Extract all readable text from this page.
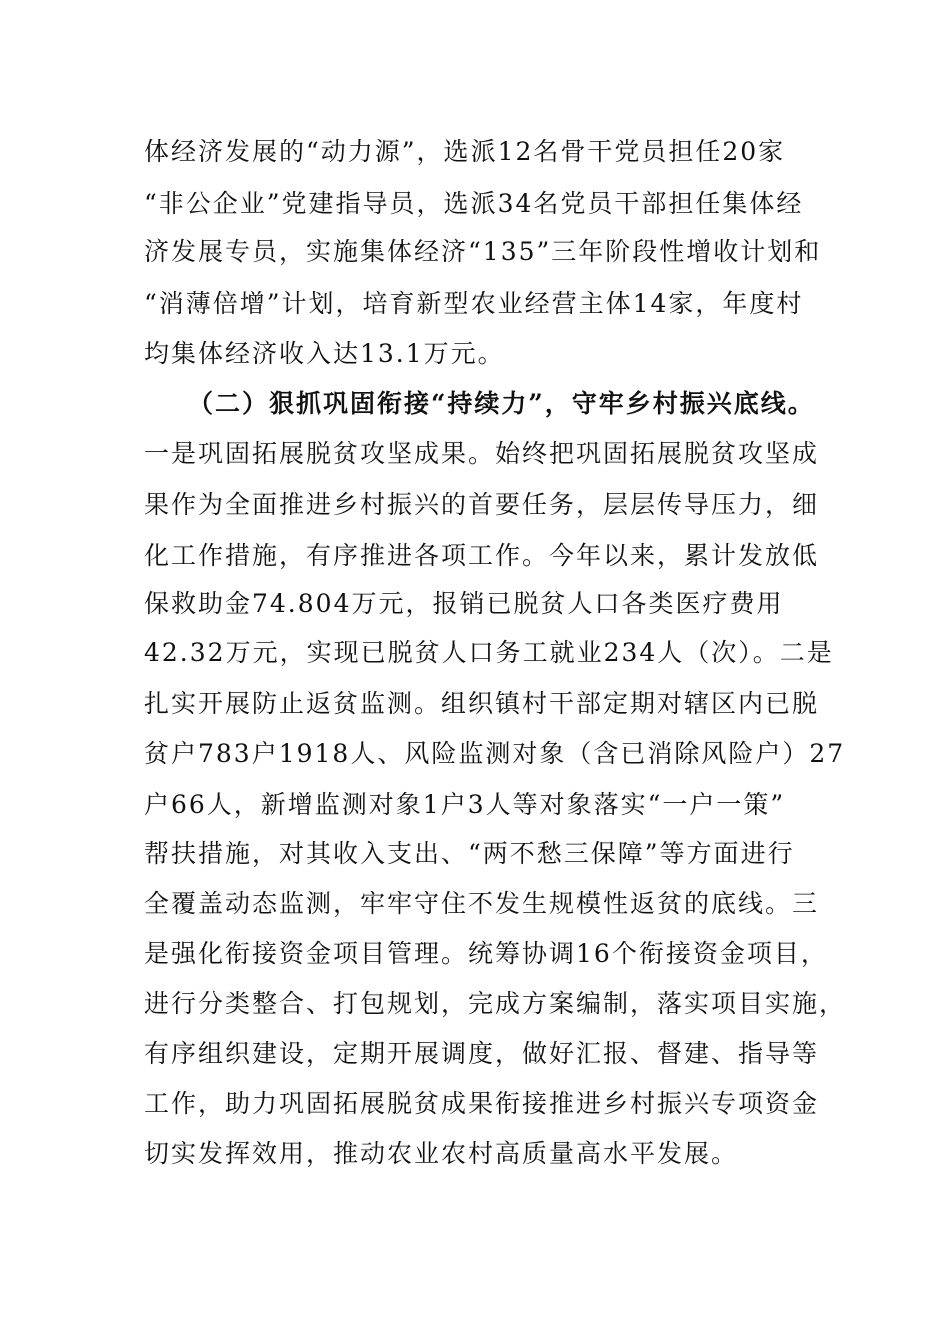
体经济发展的“动力源”，选派12名骨干党员担任20家
“非公企业”党建指导员，选派34名党员干部担任集体经
济发展专员，实施集体经济“135”三年阶段性增收计划和
“消薄倍增”计划，培育新型农业经营主体14家，年度村
均集体经济收入达13.1万元。
（二）狠抓巩固衔接“持续力”，守牢乡村振兴底线。
一是巩固拓展脱贫攻坚成果。始终把巩固拓展脱贫攻坚成
果作为全面推进乡村振兴的首要任务，层层传导压力，细
化工作措施，有序推进各项工作。今年以来，累计发放低
保救助金74.804万元，报销已脱贫人口各类医疗费用
42.32万元，实现已脱贫人口务工就业234人（次）。二是
扎实开展防止返贫监测。组织镇村干部定期对辖区内已脱
贫户783户1918人、风险监测对象（含已消除风险户）27
户66人，新增监测对象1户3人等对象落实“一户一策”
帮扶措施，对其收入支出、“两不愁三保障”等方面进行
全覆盖动态监测，牢牢守住不发生规模性返贫的底线。三
是强化衔接资金项目管理。统筹协调16个衔接资金项目，
进行分类整合、打包规划，完成方案编制，落实项目实施，
有序组织建设，定期开展调度，做好汇报、督建、指导等
工作，助力巩固拓展脱贫成果衔接推进乡村振兴专项资金
切实发挥效用，推动农业农村高质量高水平发展。
